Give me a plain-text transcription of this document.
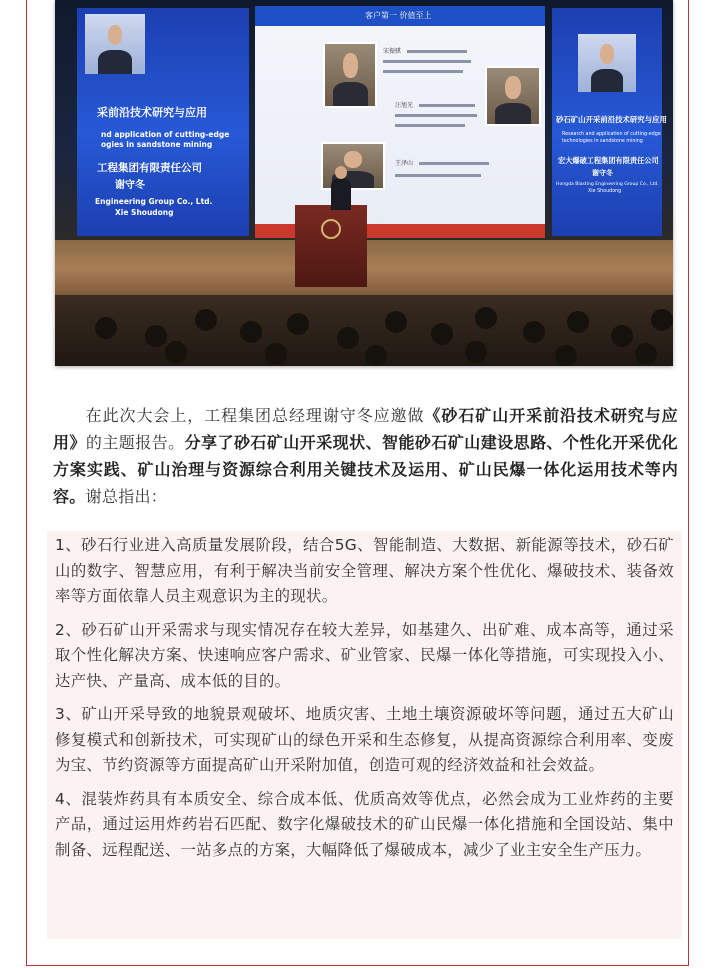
采前沿技术研究与应用
nd application of cutting-edge
ogies in sandstone mining
工程集团有限责任公司
谢守冬
Engineering Group Co., Ltd.
Xie Shoudong
客户第一 价值至上
宋振骐
汪旭光
王泽山
砂石矿山开采前沿技术研究与应用
Research and application of cutting-edge
technologies in sandstone mining
宏大爆破工程集团有限责任公司
谢守冬
Hongda Blasting Engineering Group Co., Ltd.
Xie Shoudong

在此次大会上，工程集团总经理谢守冬应邀做《砂石矿山开采前沿技术研究与应用》的主题报告。分享了砂石矿山开采现状、智能砂石矿山建设思路、个性化开采优化方案实践、矿山治理与资源综合利用关键技术及运用、矿山民爆一体化运用技术等内容。谢总指出：

1、砂石行业进入高质量发展阶段，结合5G、智能制造、大数据、新能源等技术，砂石矿山的数字、智慧应用，有利于解决当前安全管理、解决方案个性优化、爆破技术、装备效率等方面依靠人员主观意识为主的现状。

2、砂石矿山开采需求与现实情况存在较大差异，如基建久、出矿难、成本高等，通过采取个性化解决方案、快速响应客户需求、矿业管家、民爆一体化等措施，可实现投入小、达产快、产量高、成本低的目的。

3、矿山开采导致的地貌景观破坏、地质灾害、土地土壤资源破坏等问题，通过五大矿山修复模式和创新技术，可实现矿山的绿色开采和生态修复，从提高资源综合利用率、变废为宝、节约资源等方面提高矿山开采附加值，创造可观的经济效益和社会效益。

4、混装炸药具有本质安全、综合成本低、优质高效等优点，必然会成为工业炸药的主要产品，通过运用炸药岩石匹配、数字化爆破技术的矿山民爆一体化措施和全国设站、集中制备、远程配送、一站多点的方案，大幅降低了爆破成本，减少了业主安全生产压力。
